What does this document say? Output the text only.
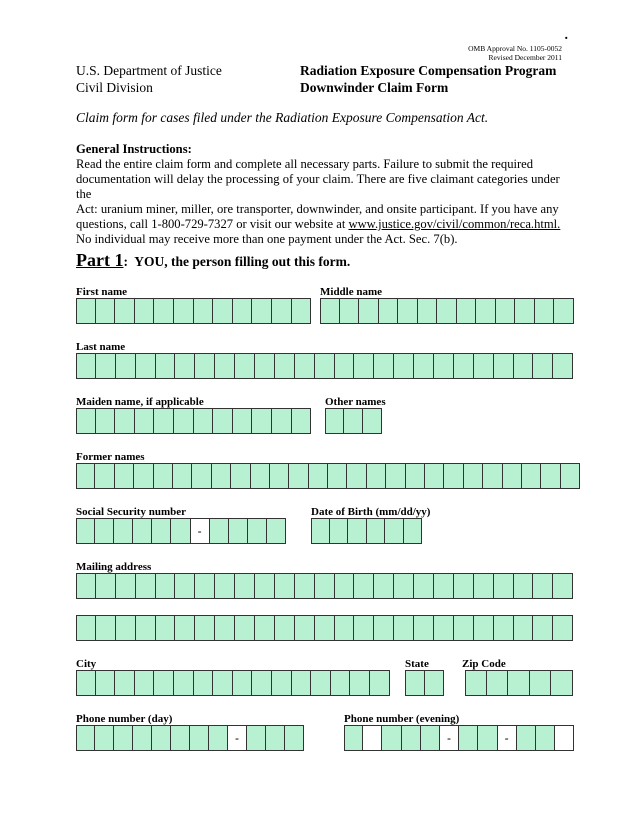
.
OMB Approval No. 1105-0052
Revised December 2011
U.S. Department of Justice
Civil Division
Radiation Exposure Compensation Program
Downwinder Claim Form
Claim form for cases filed under the Radiation Exposure Compensation Act.
General Instructions:
Read the entire claim form and complete all necessary parts. Failure to submit the required
documentation will delay the processing of your claim. There are five claimant categories under the
Act: uranium miner, miller, ore transporter, downwinder, and onsite participant. If you have any
questions, call 1-800-729-7327 or visit our website at www.justice.gov/civil/common/reca.html.
No individual may receive more than one payment under the Act. Sec. 7(b).
Part 1: YOU, the person filling out this form.
First name	Middle name
Last name
Maiden name, if applicable	Other names
Former names
Social Security number	Date of Birth (mm/dd/yy)
Mailing address
City	State	Zip Code
Phone number (day)	Phone number (evening)
-
-	-	-
